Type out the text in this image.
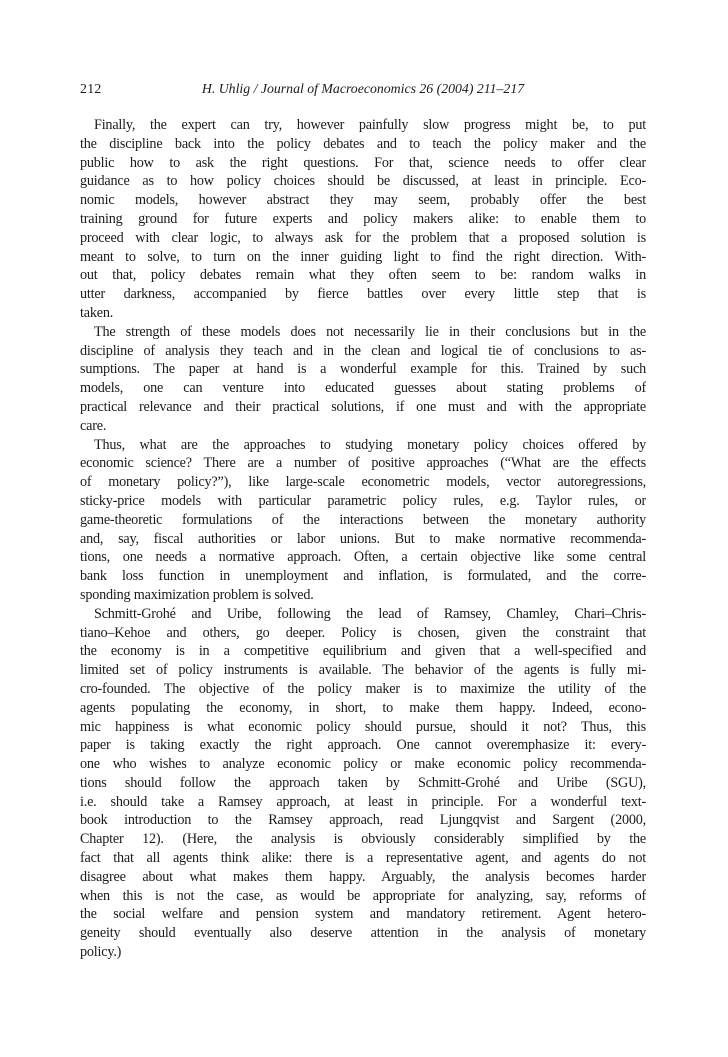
212	H. Uhlig / Journal of Macroeconomics 26 (2004) 211–217
Finally, the expert can try, however painfully slow progress might be, to put
the discipline back into the policy debates and to teach the policy maker and the
public how to ask the right questions. For that, science needs to offer clear
guidance as to how policy choices should be discussed, at least in principle. Eco-
nomic models, however abstract they may seem, probably offer the best
training ground for future experts and policy makers alike: to enable them to
proceed with clear logic, to always ask for the problem that a proposed solution is
meant to solve, to turn on the inner guiding light to find the right direction. With-
out that, policy debates remain what they often seem to be: random walks in
utter darkness, accompanied by fierce battles over every little step that is
taken.
The strength of these models does not necessarily lie in their conclusions but in the
discipline of analysis they teach and in the clean and logical tie of conclusions to as-
sumptions. The paper at hand is a wonderful example for this. Trained by such
models, one can venture into educated guesses about stating problems of
practical relevance and their practical solutions, if one must and with the appropriate
care.
Thus, what are the approaches to studying monetary policy choices offered by
economic science? There are a number of positive approaches (“What are the effects
of monetary policy?”), like large-scale econometric models, vector autoregressions,
sticky-price models with particular parametric policy rules, e.g. Taylor rules, or
game-theoretic formulations of the interactions between the monetary authority
and, say, fiscal authorities or labor unions. But to make normative recommenda-
tions, one needs a normative approach. Often, a certain objective like some central
bank loss function in unemployment and inflation, is formulated, and the corre-
sponding maximization problem is solved.
Schmitt-Grohé and Uribe, following the lead of Ramsey, Chamley, Chari–Chris-
tiano–Kehoe and others, go deeper. Policy is chosen, given the constraint that
the economy is in a competitive equilibrium and given that a well-specified and
limited set of policy instruments is available. The behavior of the agents is fully mi-
cro-founded. The objective of the policy maker is to maximize the utility of the
agents populating the economy, in short, to make them happy. Indeed, econo-
mic happiness is what economic policy should pursue, should it not? Thus, this
paper is taking exactly the right approach. One cannot overemphasize it: every-
one who wishes to analyze economic policy or make economic policy recommenda-
tions should follow the approach taken by Schmitt-Grohé and Uribe (SGU),
i.e. should take a Ramsey approach, at least in principle. For a wonderful text-
book introduction to the Ramsey approach, read Ljungqvist and Sargent (2000,
Chapter 12). (Here, the analysis is obviously considerably simplified by the
fact that all agents think alike: there is a representative agent, and agents do not
disagree about what makes them happy. Arguably, the analysis becomes harder
when this is not the case, as would be appropriate for analyzing, say, reforms of
the social welfare and pension system and mandatory retirement. Agent hetero-
geneity should eventually also deserve attention in the analysis of monetary
policy.)
